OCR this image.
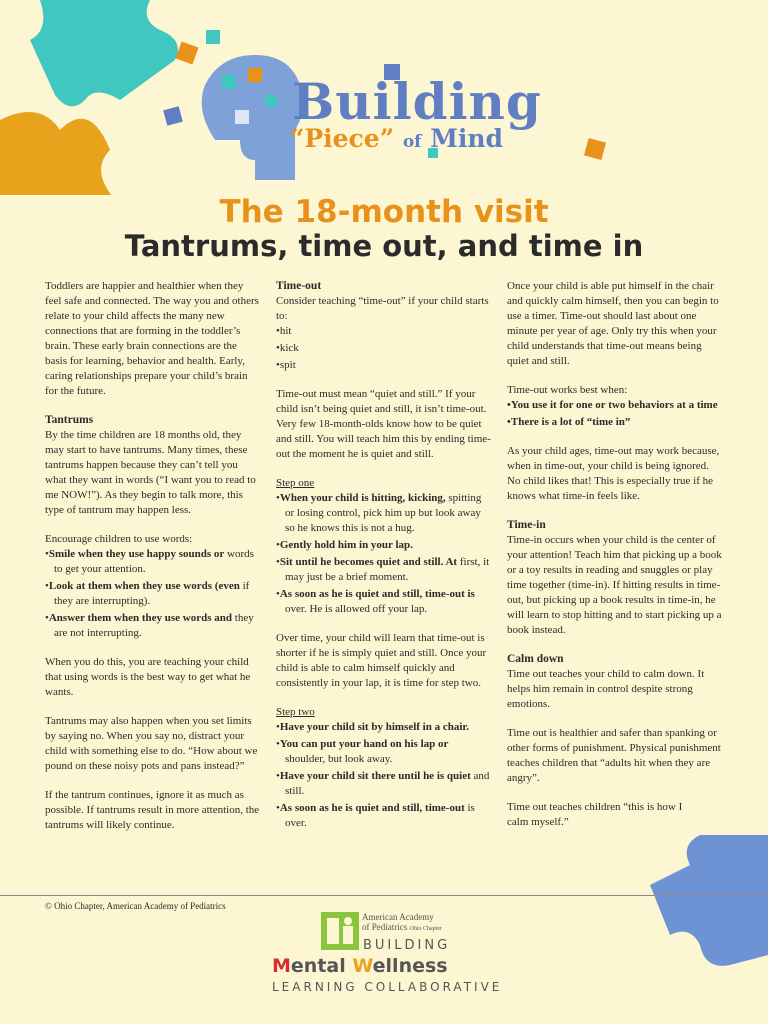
Building
“Piece” of Mind
The 18-month visit
Tantrums, time out, and time in

Toddlers are happier and healthier when they feel safe and connected. The way you and others relate to your child affects the many new connections that are forming in the toddler’s brain. These early brain connections are the basis for learning, behavior and health. Early, caring relationships prepare your child’s brain for the future.

Tantrums

By the time children are 18 months old, they may start to have tantrums. Many times, these tantrums happen because they can’t tell you what they want in words (“I want you to read to me NOW!”). As they begin to talk more, this type of tantrum may happen less.

Encourage children to use words:
• Smile when they use happy sounds or words to get your attention.
• Look at them when they use words (even if they are interrupting).
• Answer them when they use words and they are not interrupting.

When you do this, you are teaching your child that using words is the best way to get what he wants.

Tantrums may also happen when you set limits by saying no. When you say no, distract your child with something else to do. “How about we pound on these noisy pots and pans instead?”

If the tantrum continues, ignore it as much as possible. If tantrums result in more attention, the tantrums will likely continue.

Time-out
Consider teaching “time-out” if your child starts to:
• hit
• kick
• spit

Time-out must mean “quiet and still.” If your child isn’t being quiet and still, it isn’t time-out. Very few 18-month-olds know how to be quiet and still. You will teach him this by ending time-out the moment he is quiet and still.

Step one
• When your child is hitting, kicking, spitting or losing control, pick him up but look away so he knows this is not a hug.
• Gently hold him in your lap.
• Sit until he becomes quiet and still. At first, it may just be a brief moment.
• As soon as he is quiet and still, time-out is over. He is allowed off your lap.

Over time, your child will learn that time-out is shorter if he is simply quiet and still. Once your child is able to calm himself quickly and consistently in your lap, it is time for step two.

Step two
• Have your child sit by himself in a chair.
• You can put your hand on his lap or shoulder, but look away.
• Have your child sit there until he is quiet and still.
• As soon as he is quiet and still, time-out is over.

Once your child is able put himself in the chair and quickly calm himself, then you can begin to use a timer. Time-out should last about one minute per year of age. Only try this when your child understands that time-out means being quiet and still.

Time-out works best when:
• You use it for one or two behaviors at a time
• There is a lot of “time in”

As your child ages, time-out may work because, when in time-out, your child is being ignored. No child likes that! This is especially true if he knows what time-in feels like.

Time-in

Time-in occurs when your child is the center of your attention! Teach him that picking up a book or a toy results in reading and snuggles or play time together (time-in). If hitting results in time-out, but picking up a book results in time-in, he will learn to stop hitting and to start picking up a book instead.

Calm down

Time out teaches your child to calm down. It helps him remain in control despite strong emotions.

Time out is healthier and safer than spanking or other forms of punishment. Physical punishment teaches children that “adults hit when they are angry”.

Time out teaches children “this is how I calm myself.”

© Ohio Chapter, American Academy of Pediatrics
American Academy
of Pediatrics Ohio Chapter
BUILDING
Mental Wellness
LEARNING COLLABORATIVE
